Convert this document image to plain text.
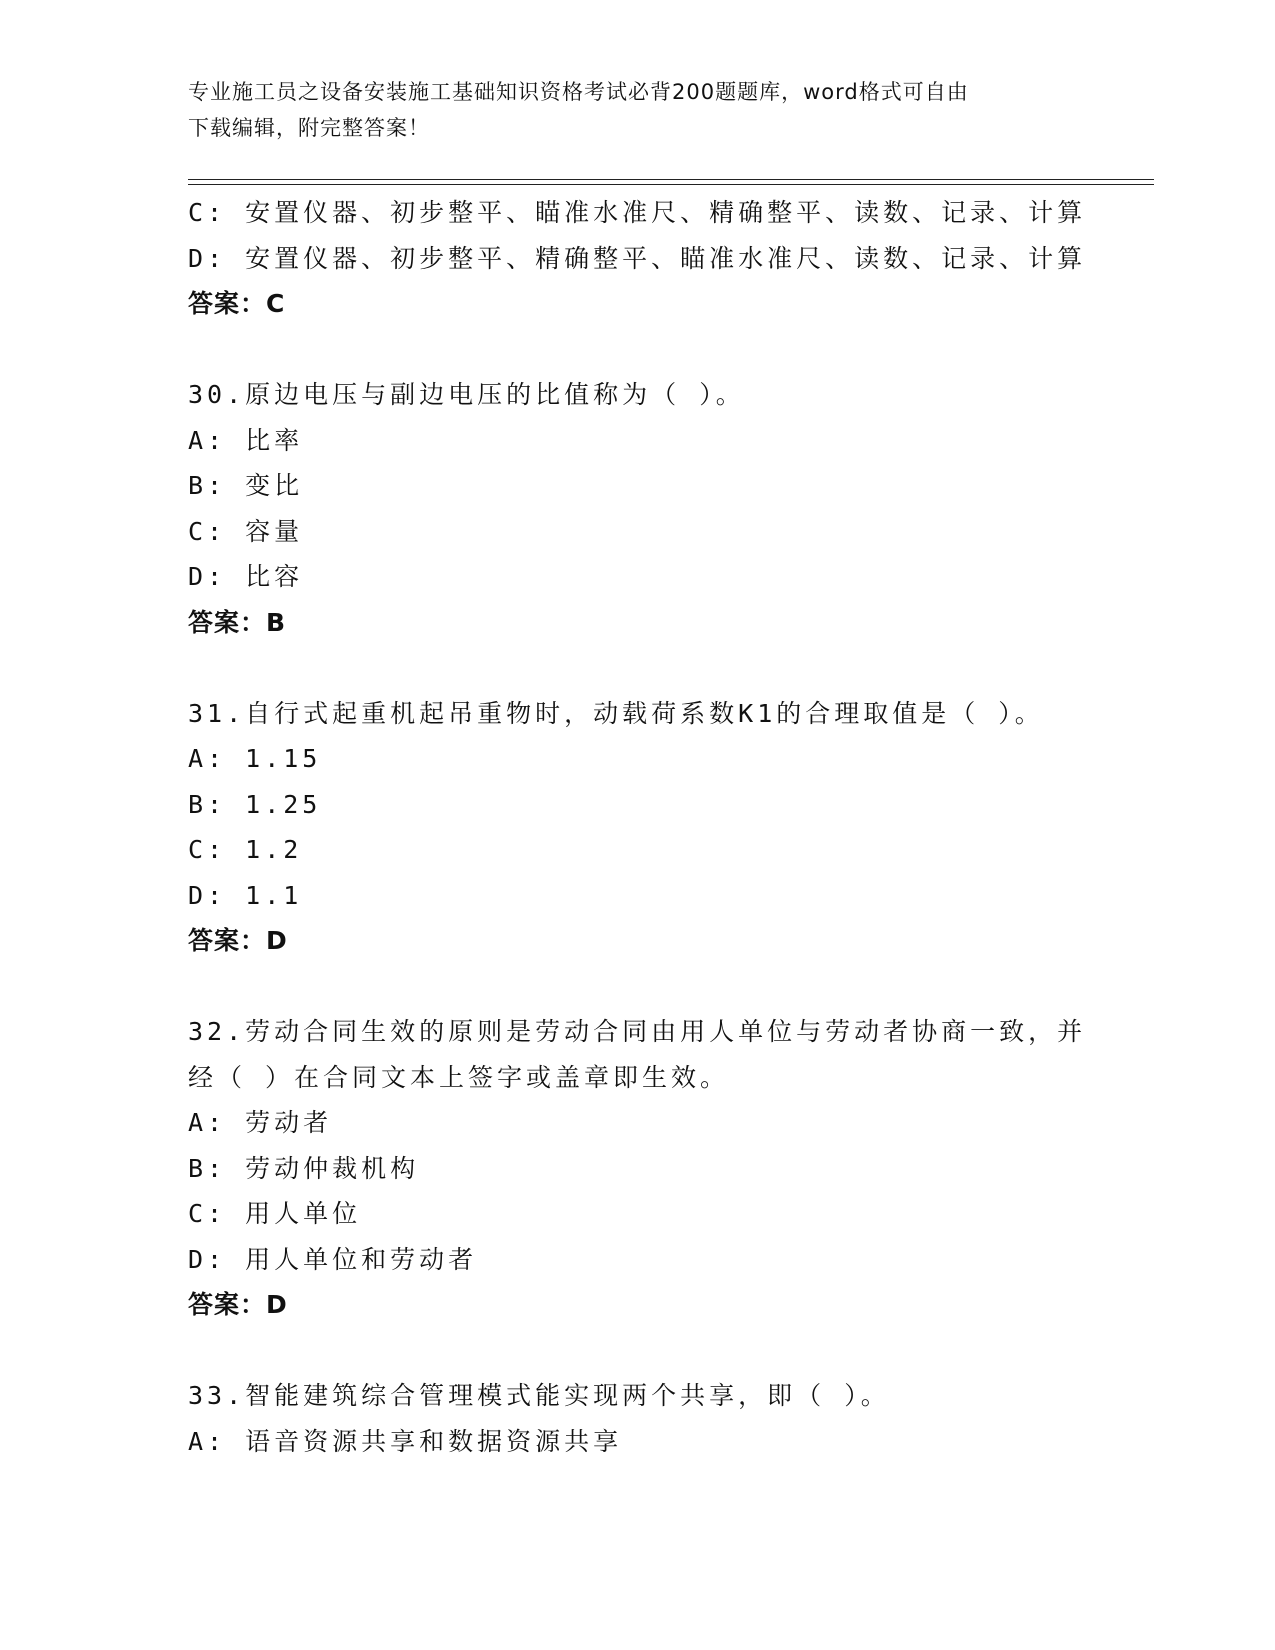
专业施工员之设备安装施工基础知识资格考试必背200题题库，word格式可自由
下载编辑，附完整答案！
C: 安置仪器、初步整平、瞄准水准尺、精确整平、读数、记录、计算
D: 安置仪器、初步整平、精确整平、瞄准水准尺、读数、记录、计算
答案：C
30.原边电压与副边电压的比值称为（ ）。
A: 比率
B: 变比
C: 容量
D: 比容
答案：B
31.自行式起重机起吊重物时，动载荷系数K1的合理取值是（ ）。
A: 1.15
B: 1.25
C: 1.2
D: 1.1
答案：D
32.劳动合同生效的原则是劳动合同由用人单位与劳动者协商一致，并
经（ ）在合同文本上签字或盖章即生效。
A: 劳动者
B: 劳动仲裁机构
C: 用人单位
D: 用人单位和劳动者
答案：D
33.智能建筑综合管理模式能实现两个共享，即（ ）。
A: 语音资源共享和数据资源共享
